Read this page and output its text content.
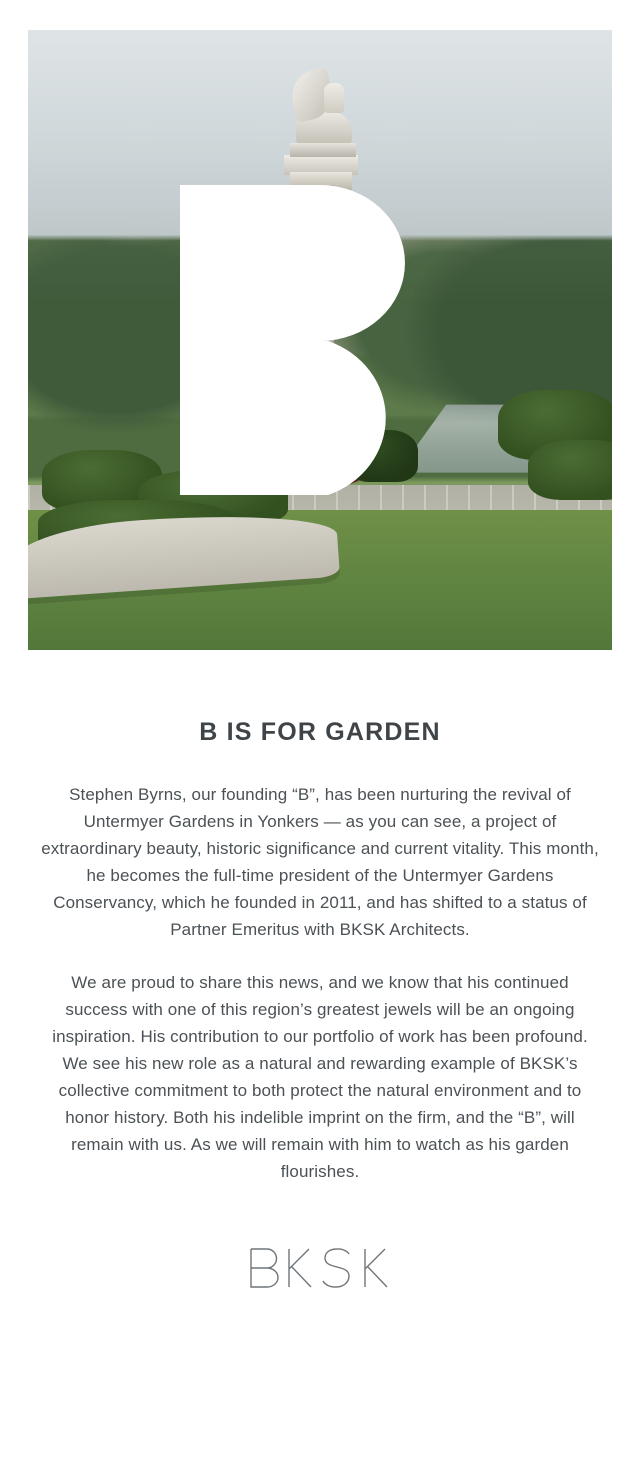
B IS FOR GARDEN

Stephen Byrns, our founding “B”, has been nurturing the revival of Untermyer Gardens in Yonkers — as you can see, a project of extraordinary beauty, historic significance and current vitality. This month, he becomes the full-time president of the Untermyer Gardens Conservancy, which he founded in 2011, and has shifted to a status of Partner Emeritus with BKSK Architects.

We are proud to share this news, and we know that his continued success with one of this region’s greatest jewels will be an ongoing inspiration. His contribution to our portfolio of work has been profound. We see his new role as a natural and rewarding example of BKSK’s collective commitment to both protect the natural environment and to honor history. Both his indelible imprint on the firm, and the “B”, will remain with us. As we will remain with him to watch as his garden flourishes.
